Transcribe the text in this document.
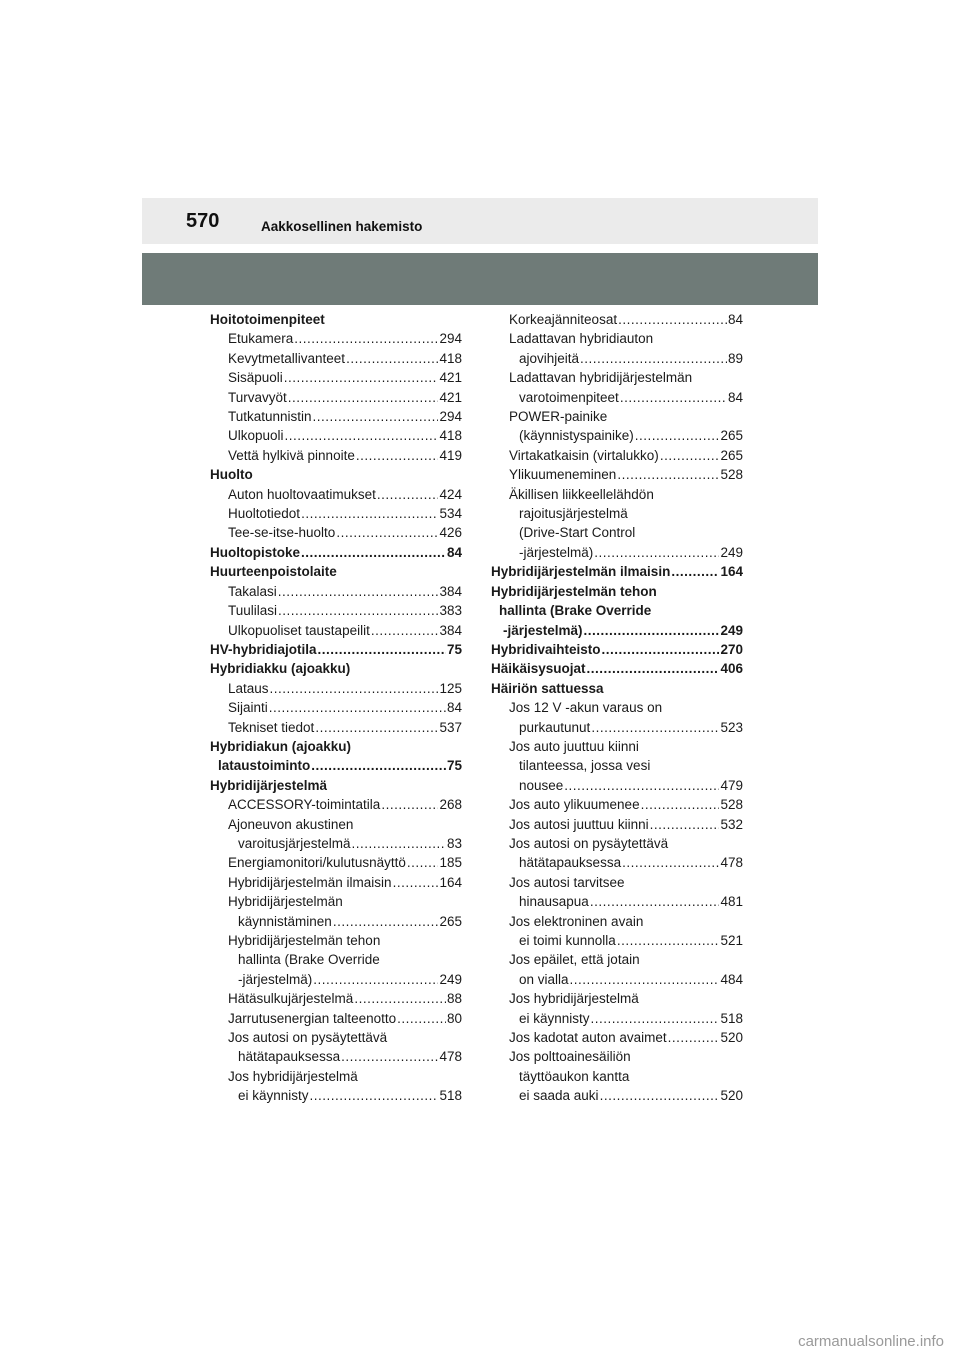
570	Aakkosellinen hakemisto
Hoitotoimenpiteet
Etukamera .....	294
Kevytmetallivanteet .....	418
Sisäpuoli .....	421
Turvavyöt .....	421
Tutkatunnistin .....	294
Ulkopuoli .....	418
Vettä hylkivä pinnoite .....	419
Huolto
Auton huoltovaatimukset .....	424
Huoltotiedot .....	534
Tee-se-itse-huolto .....	426
Huoltopistoke .....	84
Huurteenpoistolaite
Takalasi .....	384
Tuulilasi .....	383
Ulkopuoliset taustapeilit .....	384
HV-hybridiajotila .....	75
Hybridiakku (ajoakku)
Lataus .....	125
Sijainti .....	84
Tekniset tiedot .....	537
Hybridiakun (ajoakku)
lataustoiminto .....	75
Hybridijärjestelmä
ACCESSORY-toimintatila .....	268
Ajoneuvon akustinen
varoitusjärjestelmä .....	83
Energiamonitori/kulutusnäyttö ..... 185
Hybridijärjestelmän ilmaisin .....	164
Hybridijärjestelmän
käynnistäminen .....	265
Hybridijärjestelmän tehon
hallinta (Brake Override
-järjestelmä) .....	249
Hätäsulkujärjestelmä .....	88
Jarrutusenergian talteenotto .....	80
Jos autosi on pysäytettävä
hätätapauksessa .....	478
Jos hybridijärjestelmä
ei käynnisty .....	518
Korkeajänniteosat .....	84
Ladattavan hybridiauton
ajovihjeitä .....	89
Ladattavan hybridijärjestelmän
varotoimenpiteet .....	84
POWER-painike
(käynnistyspainike) .....	265
Virtakatkaisin (virtalukko) .....	265
Ylikuumeneminen .....	528
Äkillisen liikkeellelähdön
rajoitusjärjestelmä
(Drive-Start Control
-järjestelmä) .....	249
Hybridijärjestelmän ilmaisin .....	164
Hybridijärjestelmän tehon
hallinta (Brake Override
-järjestelmä) .....	249
Hybridivaihteisto .....	270
Häikäisysuojat .....	406
Häiriön sattuessa
Jos 12 V -akun varaus on
purkautunut .....	523
Jos auto juuttuu kiinni
tilanteessa, jossa vesi
nousee .....	479
Jos auto ylikuumenee .....	528
Jos autosi juuttuu kiinni .....	532
Jos autosi on pysäytettävä
hätätapauksessa .....	478
Jos autosi tarvitsee
hinausapua .....	481
Jos elektroninen avain
ei toimi kunnolla .....	521
Jos epäilet, että jotain
on vialla .....	484
Jos hybridijärjestelmä
ei käynnisty .....	518
Jos kadotat auton avaimet .....	520
Jos polttoainesäiliön
täyttöaukon kantta
ei saada auki .....	520
carmanualsonline.info
